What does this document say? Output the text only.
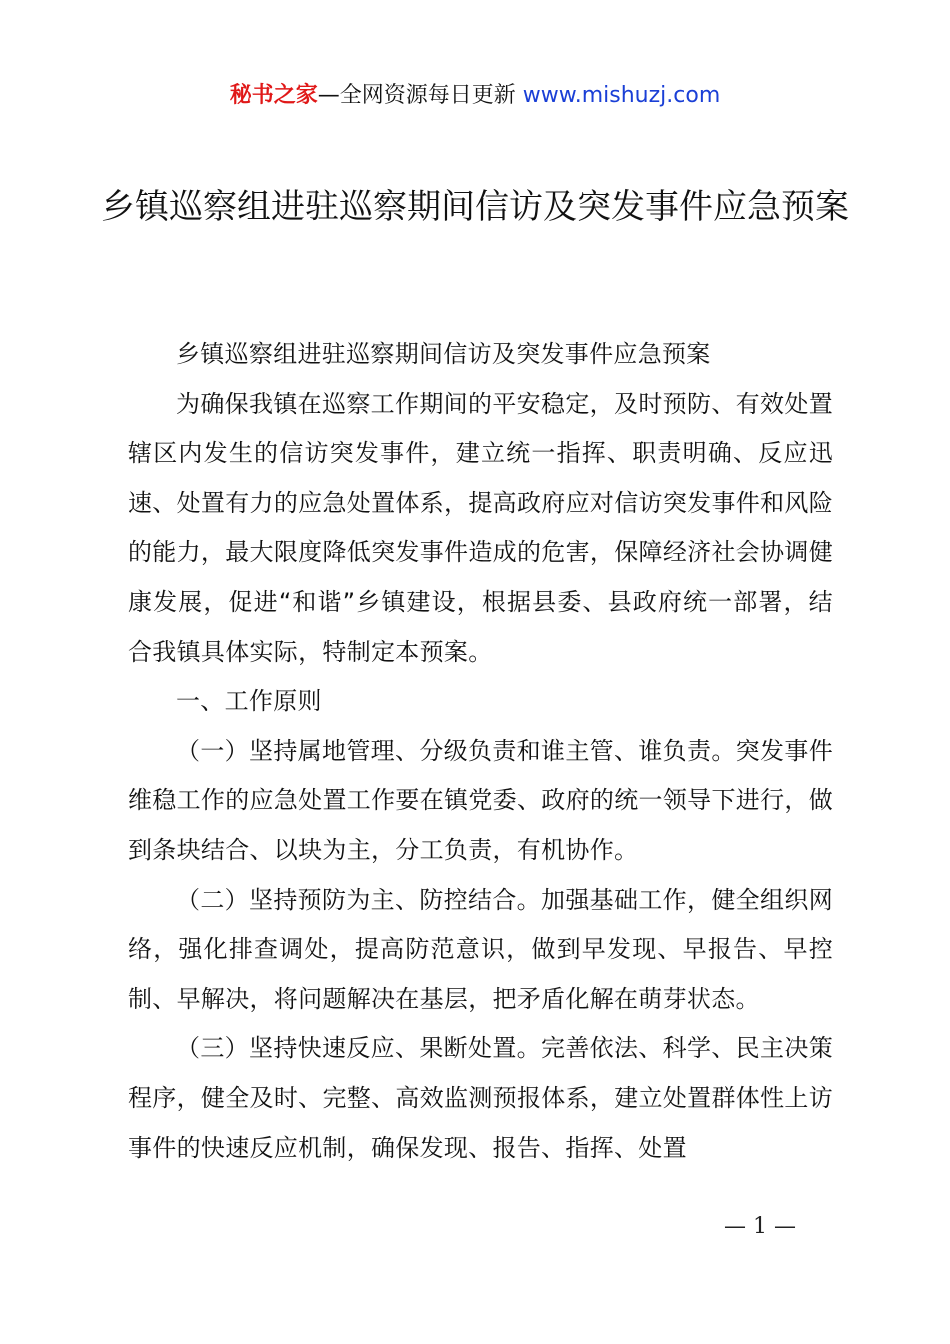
秘书之家—全网资源每日更新 www.mishuzj.com
乡镇巡察组进驻巡察期间信访及突发事件应急预案

乡镇巡察组进驻巡察期间信访及突发事件应急预案

为确保我镇在巡察工作期间的平安稳定，及时预防、有效处置辖区内发生的信访突发事件，建立统一指挥、职责明确、反应迅速、处置有力的应急处置体系，提高政府应对信访突发事件和风险的能力，最大限度降低突发事件造成的危害，保障经济社会协调健康发展，促进“和谐”乡镇建设，根据县委、县政府统一部署，结合我镇具体实际，特制定本预案。

一、工作原则

（一）坚持属地管理、分级负责和谁主管、谁负责。突发事件维稳工作的应急处置工作要在镇党委、政府的统一领导下进行，做到条块结合、以块为主，分工负责，有机协作。

（二）坚持预防为主、防控结合。加强基础工作，健全组织网络，强化排查调处，提高防范意识，做到早发现、早报告、早控制、早解决，将问题解决在基层，把矛盾化解在萌芽状态。

（三）坚持快速反应、果断处置。完善依法、科学、民主决策程序，健全及时、完整、高效监测预报体系，建立处置群体性上访事件的快速反应机制，确保发现、报告、指挥、处置

— 1 —
